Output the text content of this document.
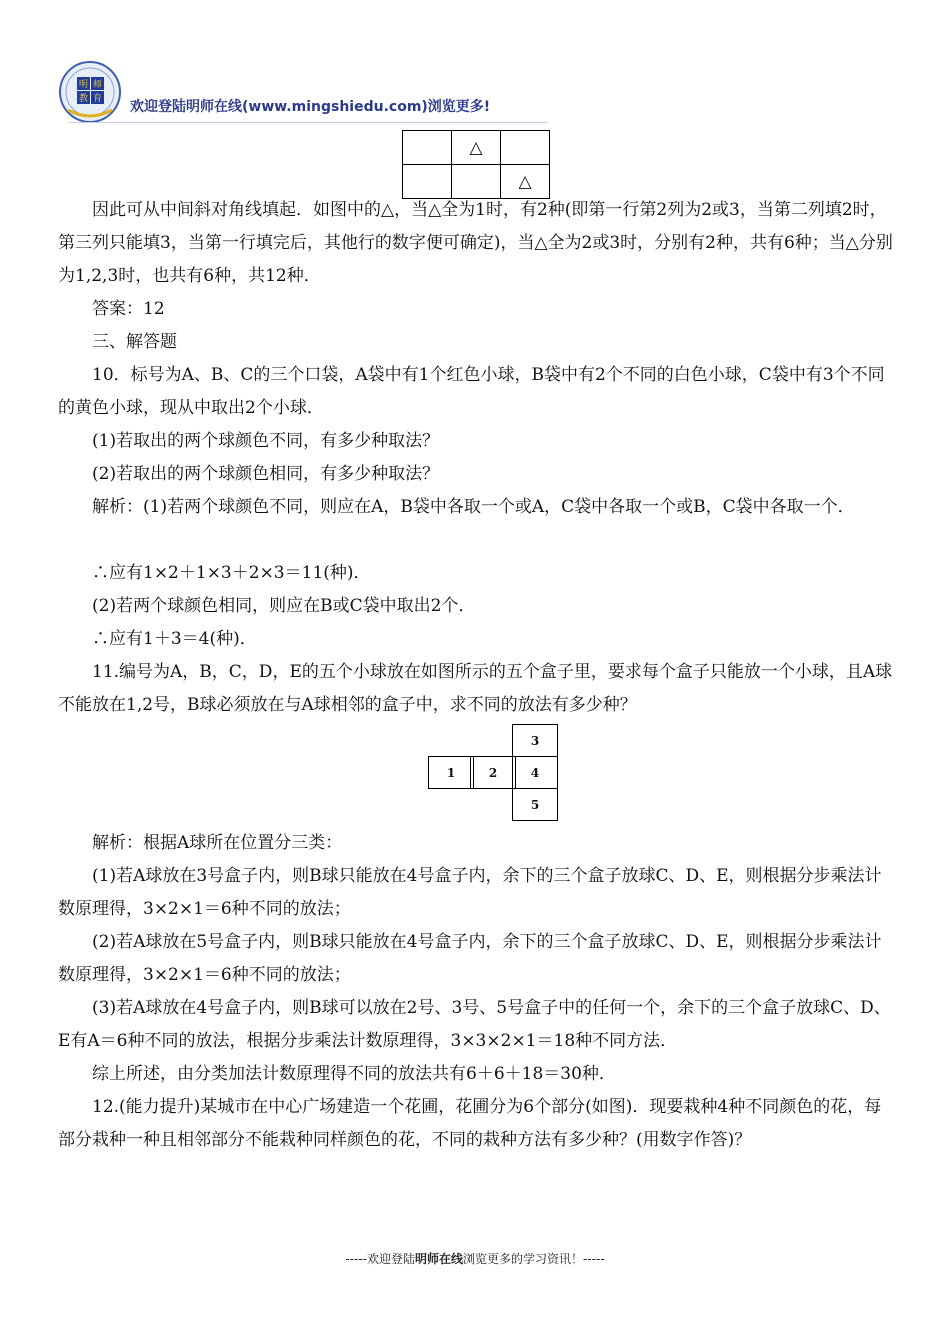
明 师
教 育 欢迎登陆明师在线(www.mingshiedu.com)浏览更多!
	△	
		△

因此可从中间斜对角线填起．如图中的△，当△全为1时，有2种(即第一行第2列为2或3，当第二列填2时，第三列只能填3，当第一行填完后，其他行的数字便可确定)，当△全为2或3时，分别有2种，共有6种；当△分别为1,2,3时，也共有6种，共12种．

答案：12

三、解答题

10．标号为A、B、C的三个口袋，A袋中有1个红色小球，B袋中有2个不同的白色小球，C袋中有3个不同的黄色小球，现从中取出2个小球．

(1)若取出的两个球颜色不同，有多少种取法？

(2)若取出的两个球颜色相同，有多少种取法？

解析：(1)若两个球颜色不同，则应在A，B袋中各取一个或A，C袋中各取一个或B，C袋中各取一个．

∴应有1×2＋1×3＋2×3＝11(种)．

(2)若两个球颜色相同，则应在B或C袋中取出2个．

∴应有1＋3＝4(种)．

11.编号为A，B，C，D，E的五个小球放在如图所示的五个盒子里，要求每个盒子只能放一个小球，且A球不能放在1,2号，B球必须放在与A球相邻的盒子中，求不同的放法有多少种？

3
1	2	4
5

解析：根据A球所在位置分三类：

(1)若A球放在3号盒子内，则B球只能放在4号盒子内，余下的三个盒子放球C、D、E，则根据分步乘法计数原理得，3×2×1＝6种不同的放法；

(2)若A球放在5号盒子内，则B球只能放在4号盒子内，余下的三个盒子放球C、D、E，则根据分步乘法计数原理得，3×2×1＝6种不同的放法；

(3)若A球放在4号盒子内，则B球可以放在2号、3号、5号盒子中的任何一个，余下的三个盒子放球C、D、E有A＝6种不同的放法，根据分步乘法计数原理得，3×3×2×1＝18种不同方法．

综上所述，由分类加法计数原理得不同的放法共有6＋6＋18＝30种．

12.(能力提升)某城市在中心广场建造一个花圃，花圃分为6个部分(如图)．现要栽种4种不同颜色的花，每部分栽种一种且相邻部分不能栽种同样颜色的花，不同的栽种方法有多少种？(用数字作答)？

-----欢迎登陆明师在线浏览更多的学习资讯！-----
